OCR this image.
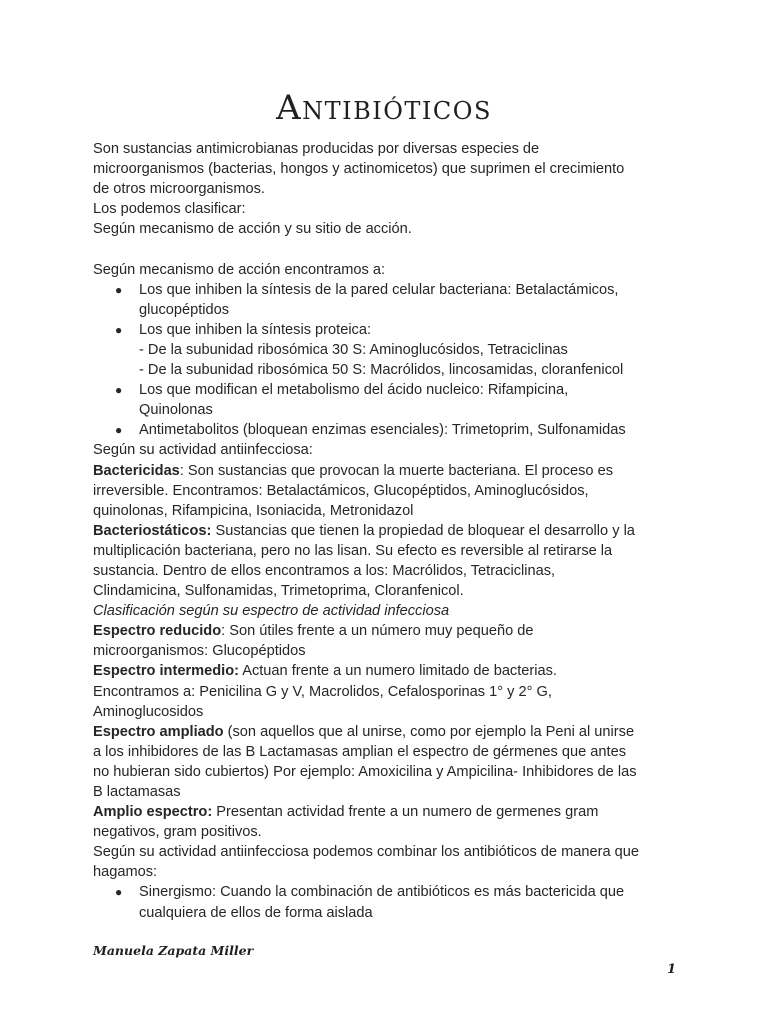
Antibióticos
Son sustancias antimicrobianas producidas por diversas especies de
microorganismos (bacterias, hongos y actinomicetos) que suprimen el crecimiento
de otros microorganismos.
Los podemos clasificar:
Según mecanismo de acción y su sitio de acción.
Según mecanismo de acción encontramos a:
● Los que inhiben la síntesis de la pared celular bacteriana: Betalactámicos,
glucopéptidos
● Los que inhiben la síntesis proteica:
- De la subunidad ribosómica 30 S: Aminoglucósidos, Tetraciclinas
- De la subunidad ribosómica 50 S: Macrólidos, lincosamidas, cloranfenicol
● Los que modifican el metabolismo del ácido nucleico: Rifampicina,
Quinolonas
● Antimetabolitos (bloquean enzimas esenciales): Trimetoprim, Sulfonamidas
Según su actividad antiinfecciosa:
Bactericidas: Son sustancias que provocan la muerte bacteriana. El proceso es
irreversible. Encontramos: Betalactámicos, Glucopéptidos, Aminoglucósidos,
quinolonas, Rifampicina, Isoniacida, Metronidazol
Bacteriostáticos: Sustancias que tienen la propiedad de bloquear el desarrollo y la
multiplicación bacteriana, pero no las lisan. Su efecto es reversible al retirarse la
sustancia. Dentro de ellos encontramos a los: Macrólidos, Tetraciclinas,
Clindamicina, Sulfonamidas, Trimetoprima, Cloranfenicol.
Clasificación según su espectro de actividad infecciosa
Espectro reducido: Son útiles frente a un número muy pequeño de
microorganismos: Glucopéptidos
Espectro intermedio: Actuan frente a un numero limitado de bacterias.
Encontramos a: Penicilina G y V, Macrolidos, Cefalosporinas 1° y 2° G,
Aminoglucosidos
Espectro ampliado (son aquellos que al unirse, como por ejemplo la Peni al unirse
a los inhibidores de las B Lactamasas amplian el espectro de gérmenes que antes
no hubieran sido cubiertos) Por ejemplo: Amoxicilina y Ampicilina- Inhibidores de las
B lactamasas
Amplio espectro: Presentan actividad frente a un numero de germenes gram
negativos, gram positivos.
Según su actividad antiinfecciosa podemos combinar los antibióticos de manera que
hagamos:
● Sinergismo: Cuando la combinación de antibióticos es más bactericida que
cualquiera de ellos de forma aislada
Manuela Zapata Miller
1
